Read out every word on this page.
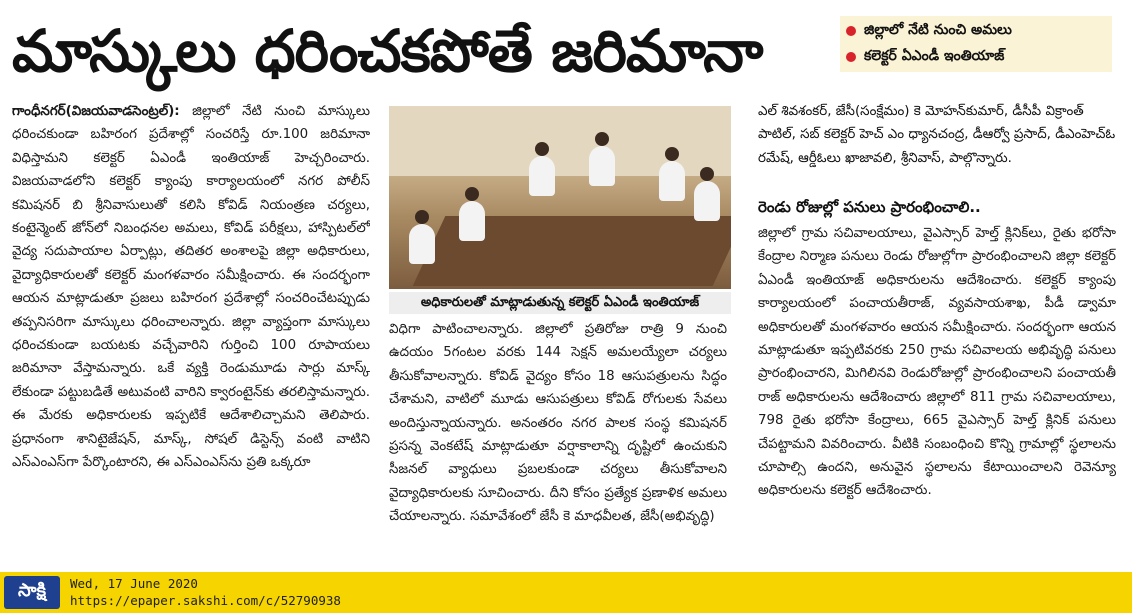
మాస్కులు ధరించకపోతే జరిమానా	జిల్లాలో నేటి నుంచి అమలు
కలెక్టర్ ఏఎండీ ఇంతియాజ్
గాంధీనగర్(విజయవాడసెంట్రల్): జిల్లాలో నేటి నుంచి మాస్కులు ధరించకుండా బహిరంగ ప్రదేశాల్లో సంచరిస్తే రూ.100 జరిమానా విధిస్తామని కలెక్టర్ ఏఎండీ ఇంతియాజ్ హెచ్చరించారు. విజయవాడలోని కలెక్టర్ క్యాంపు కార్యాలయంలో నగర పోలీస్ కమిషనర్ బి శ్రీనివాసులుతో కలిసి కోవిడ్ నియంత్రణ చర్యలు, కంటైన్మెంట్ జోన్‌లో నిబంధనల అమలు, కోవిడ్ పరీక్షలు, హాస్పిటల్‌లో వైద్య సదుపాయాల ఏర్పాట్లు, తదితర అంశాలపై జిల్లా అధికారులు, వైద్యాధికారులతో కలెక్టర్ మంగళవారం సమీక్షించారు. ఈ సందర్భంగా ఆయన మాట్లాడుతూ ప్రజలు బహిరంగ ప్రదేశాల్లో సంచరించేటప్పుడు తప్పనిసరిగా మాస్కులు ధరించాలన్నారు. జిల్లా వ్యాప్తంగా మాస్కులు ధరించకుండా బయటకు వచ్చేవారిని గుర్తించి 100 రూపాయలు జరిమానా వేస్తామన్నారు. ఒకే వ్యక్తి రెండుమూడు సార్లు మాస్క్ లేకుండా పట్టుబడితే అటువంటి వారిని క్వారంటైన్‌కు తరలిస్తామన్నారు. ఈ మేరకు అధికారులకు ఇప్పటికే ఆదేశాలిచ్చామని తెలిపారు. ప్రధానంగా శానిటైజేషన్, మాస్క్, సోషల్ డిస్టెన్స్ వంటి వాటిని ఎస్ఎంఎస్‌గా పేర్కొంటారని, ఈ ఎస్ఎంఎస్‌ను ప్రతి ఒక్కరూ
అధికారులతో మాట్లాడుతున్న కలెక్టర్ ఏఎండీ ఇంతియాజ్
విధిగా పాటించాలన్నారు. జిల్లాలో ప్రతిరోజు రాత్రి 9 నుంచి ఉదయం 5గంటల వరకు 144 సెక్షన్ అమలయ్యేలా చర్యలు తీసుకోవాలన్నారు. కోవిడ్ వైద్యం కోసం 18 ఆసుపత్రులను సిద్ధం చేశామని, వాటిలో మూడు ఆసుపత్రులు కోవిడ్ రోగులకు సేవలు అందిస్తున్నాయన్నారు. అనంతరం నగర పాలక సంస్థ కమిషనర్ ప్రసన్న వెంకటేష్ మాట్లాడుతూ వర్షాకాలాన్ని దృష్టిలో ఉంచుకుని సీజనల్ వ్యాధులు ప్రబలకుండా చర్యలు తీసుకోవాలని వైద్యాధికారులకు సూచించారు. దీని కోసం ప్రత్యేక ప్రణాళిక అమలు చేయాలన్నారు. సమావేశంలో జేసీ కె మాధవీలత, జేసీ(అభివృద్ధి)
ఎల్ శివశంకర్, జేసీ(సంక్షేమం) కె మోహన్‌కుమార్, డీసీపీ విక్రాంత్ పాటిల్, సబ్ కలెక్టర్ హెచ్ ఎం ధ్యానచంద్ర, డీఆర్వో ప్రసాద్, డీఎంహెచ్ఓ రమేష్, ఆర్డీఓలు ఖాజావలి, శ్రీనివాస్, పాల్గొన్నారు.
రెండు రోజుల్లో పనులు ప్రారంభించాలి..
జిల్లాలో గ్రామ సచివాలయాలు, వైఎస్సార్ హెల్త్ క్లినిక్‌లు, రైతు భరోసా కేంద్రాల నిర్మాణ పనులు రెండు రోజుల్లోగా ప్రారంభించాలని జిల్లా కలెక్టర్ ఏఎండీ ఇంతియాజ్ అధికారులను ఆదేశించారు. కలెక్టర్ క్యాంపు కార్యాలయంలో పంచాయతీరాజ్, వ్యవసాయశాఖ, పీడీ డ్వామా అధికారులతో మంగళవారం ఆయన సమీక్షించారు. సందర్భంగా ఆయన మాట్లాడుతూ ఇప్పటివరకు 250 గ్రామ సచివాలయ అభివృద్ధి పనులు ప్రారంభించారని, మిగిలినవి రెండురోజుల్లో ప్రారంభించాలని పంచాయతీ రాజ్ అధికారులను ఆదేశించారు జిల్లాలో 811 గ్రామ సచివాలయాలు, 798 రైతు భరోసా కేంద్రాలు, 665 వైఎస్సార్ హెల్త్ క్లినిక్ పనులు చేపట్టామని వివరించారు. వీటికి సంబంధించి కొన్ని గ్రామాల్లో స్థలాలను చూపాల్సి ఉందని, అనువైన స్థలాలను కేటాయించాలని రెవెన్యూ అధికారులను కలెక్టర్ ఆదేశించారు.
సాక్షి	Wed, 17 June 2020
https://epaper.sakshi.com/c/52790938
